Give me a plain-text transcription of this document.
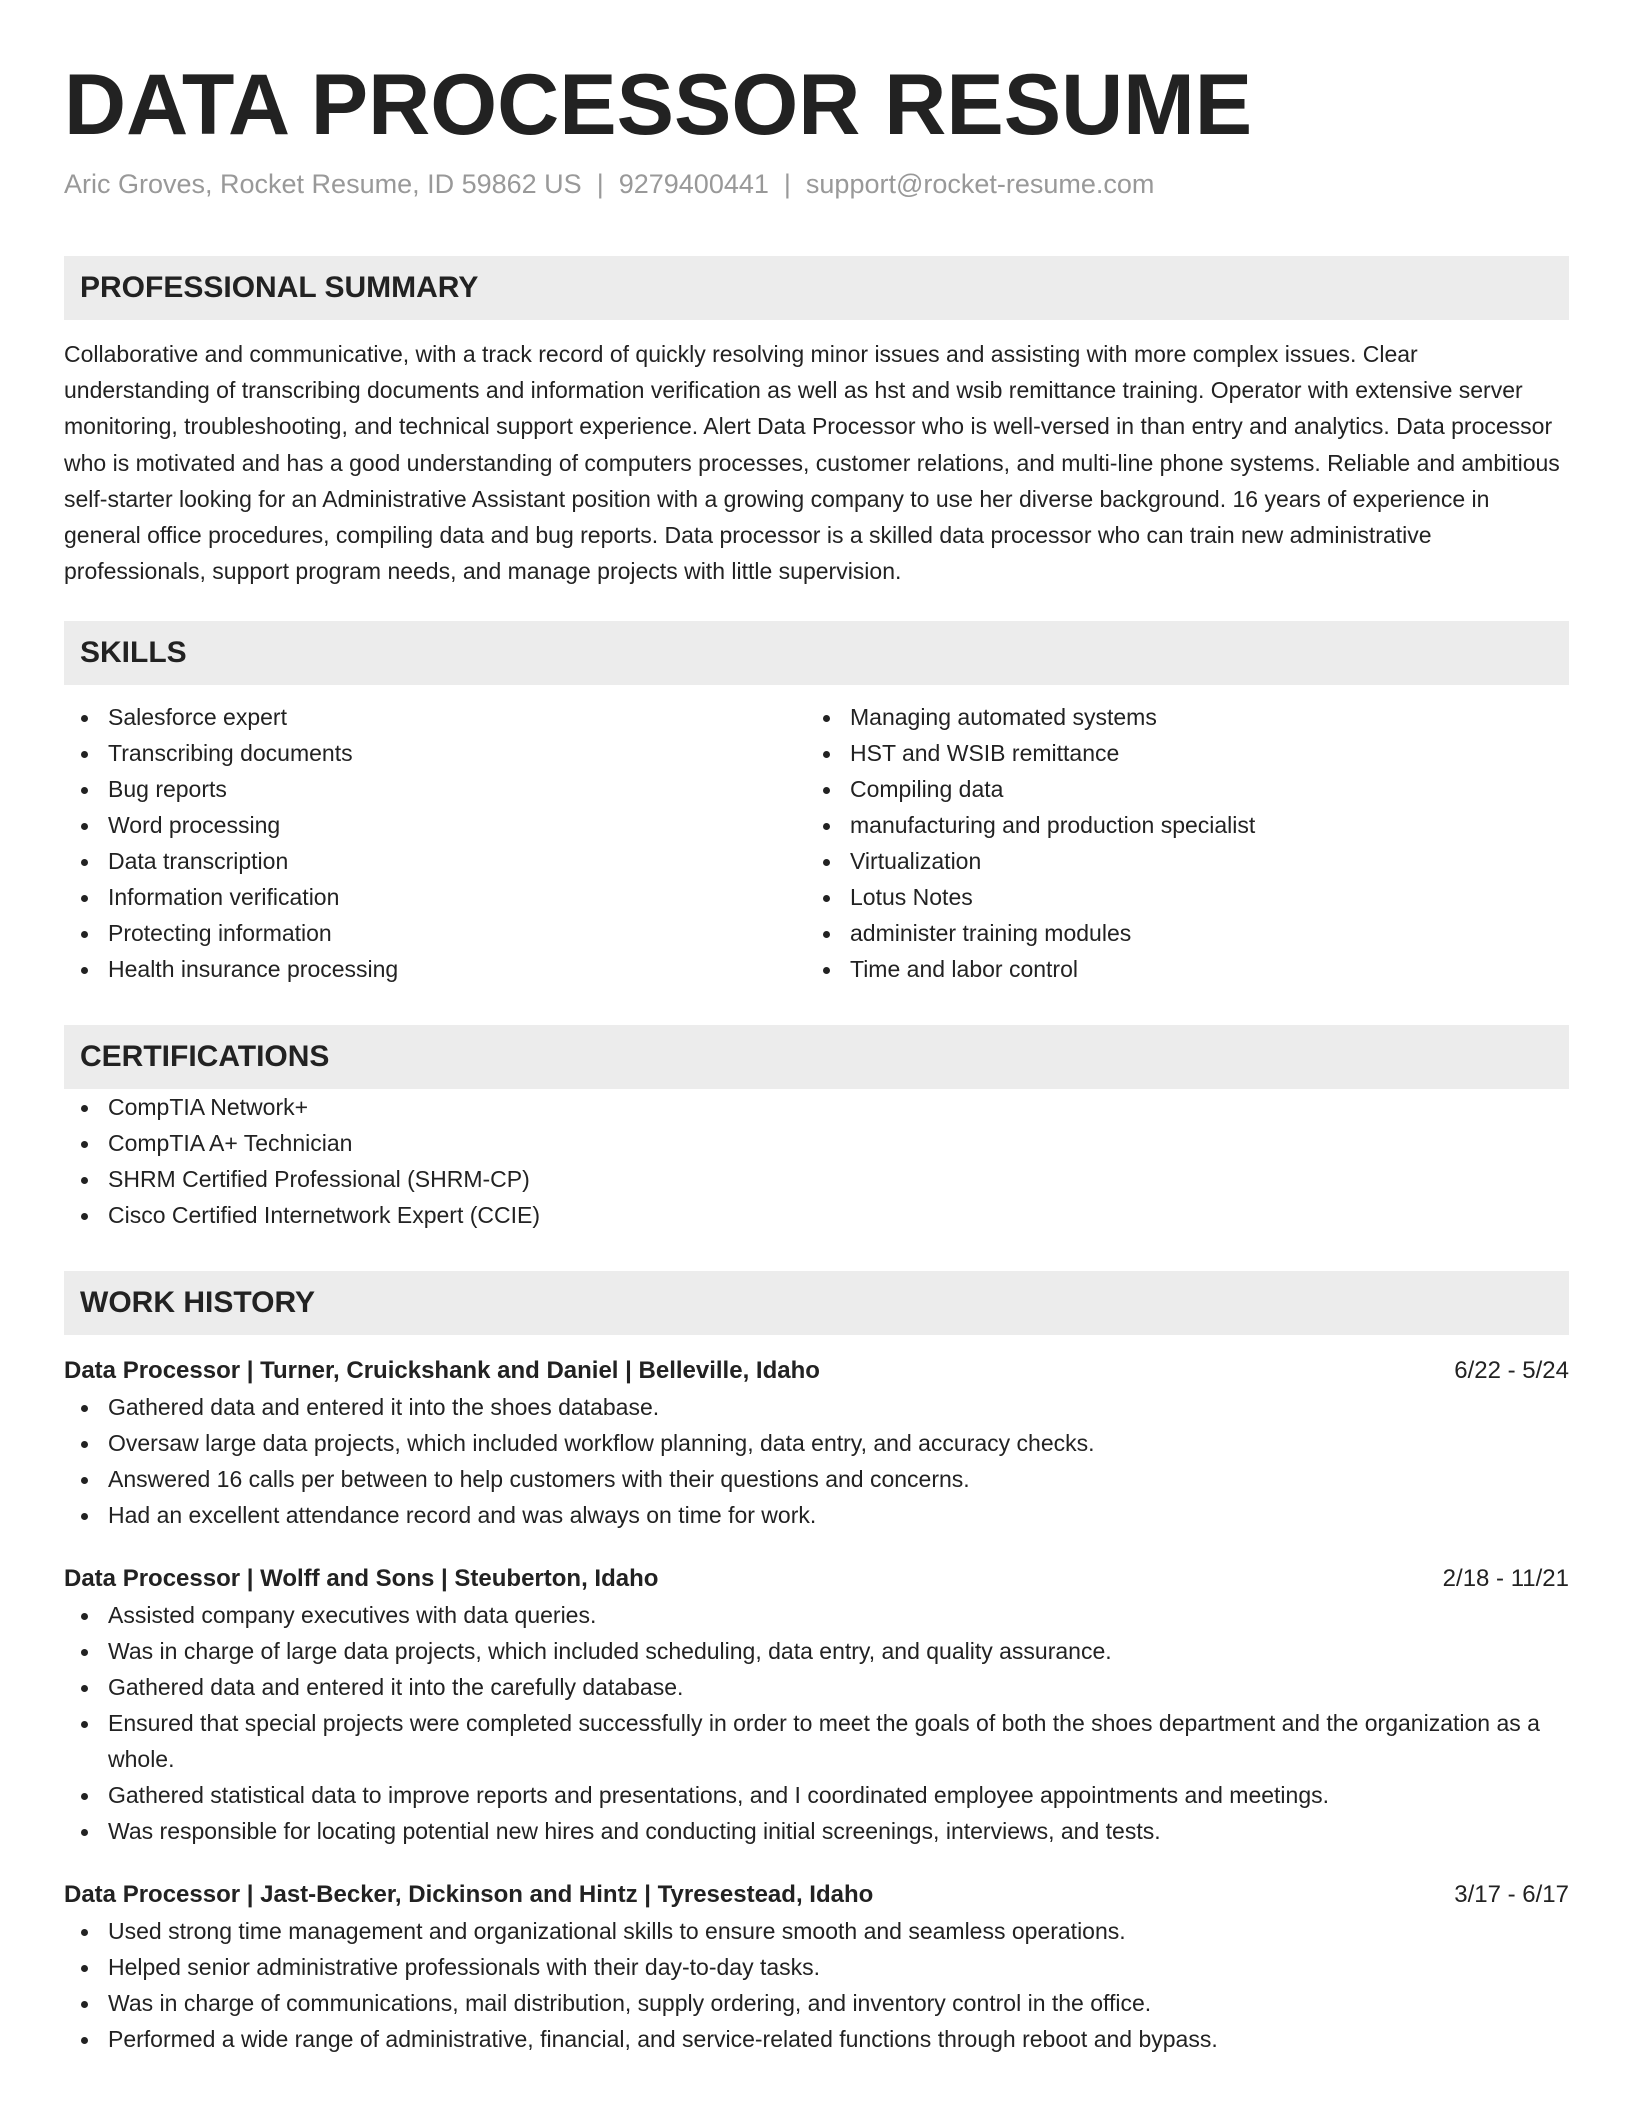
DATA PROCESSOR RESUME
Aric Groves, Rocket Resume, ID 59862 US | 9279400441 | support@rocket-resume.com
PROFESSIONAL SUMMARY
Collaborative and communicative, with a track record of quickly resolving minor issues and assisting with more complex issues. Clear understanding of transcribing documents and information verification as well as hst and wsib remittance training. Operator with extensive server monitoring, troubleshooting, and technical support experience. Alert Data Processor who is well-versed in than entry and analytics. Data processor who is motivated and has a good understanding of computers processes, customer relations, and multi-line phone systems. Reliable and ambitious self-starter looking for an Administrative Assistant position with a growing company to use her diverse background. 16 years of experience in general office procedures, compiling data and bug reports. Data processor is a skilled data processor who can train new administrative professionals, support program needs, and manage projects with little supervision.
SKILLS
Salesforce expert
Transcribing documents
Bug reports
Word processing
Data transcription
Information verification
Protecting information
Health insurance processing
Managing automated systems
HST and WSIB remittance
Compiling data
manufacturing and production specialist
Virtualization
Lotus Notes
administer training modules
Time and labor control
CERTIFICATIONS
CompTIA Network+
CompTIA A+ Technician
SHRM Certified Professional (SHRM-CP)
Cisco Certified Internetwork Expert (CCIE)
WORK HISTORY
Data Processor | Turner, Cruickshank and Daniel | Belleville, Idaho	6/22 - 5/24
Gathered data and entered it into the shoes database.
Oversaw large data projects, which included workflow planning, data entry, and accuracy checks.
Answered 16 calls per between to help customers with their questions and concerns.
Had an excellent attendance record and was always on time for work.
Data Processor | Wolff and Sons | Steuberton, Idaho	2/18 - 11/21
Assisted company executives with data queries.
Was in charge of large data projects, which included scheduling, data entry, and quality assurance.
Gathered data and entered it into the carefully database.
Ensured that special projects were completed successfully in order to meet the goals of both the shoes department and the organization as a whole.
Gathered statistical data to improve reports and presentations, and I coordinated employee appointments and meetings.
Was responsible for locating potential new hires and conducting initial screenings, interviews, and tests.
Data Processor | Jast-Becker, Dickinson and Hintz | Tyresestead, Idaho	3/17 - 6/17
Used strong time management and organizational skills to ensure smooth and seamless operations.
Helped senior administrative professionals with their day-to-day tasks.
Was in charge of communications, mail distribution, supply ordering, and inventory control in the office.
Performed a wide range of administrative, financial, and service-related functions through reboot and bypass.
